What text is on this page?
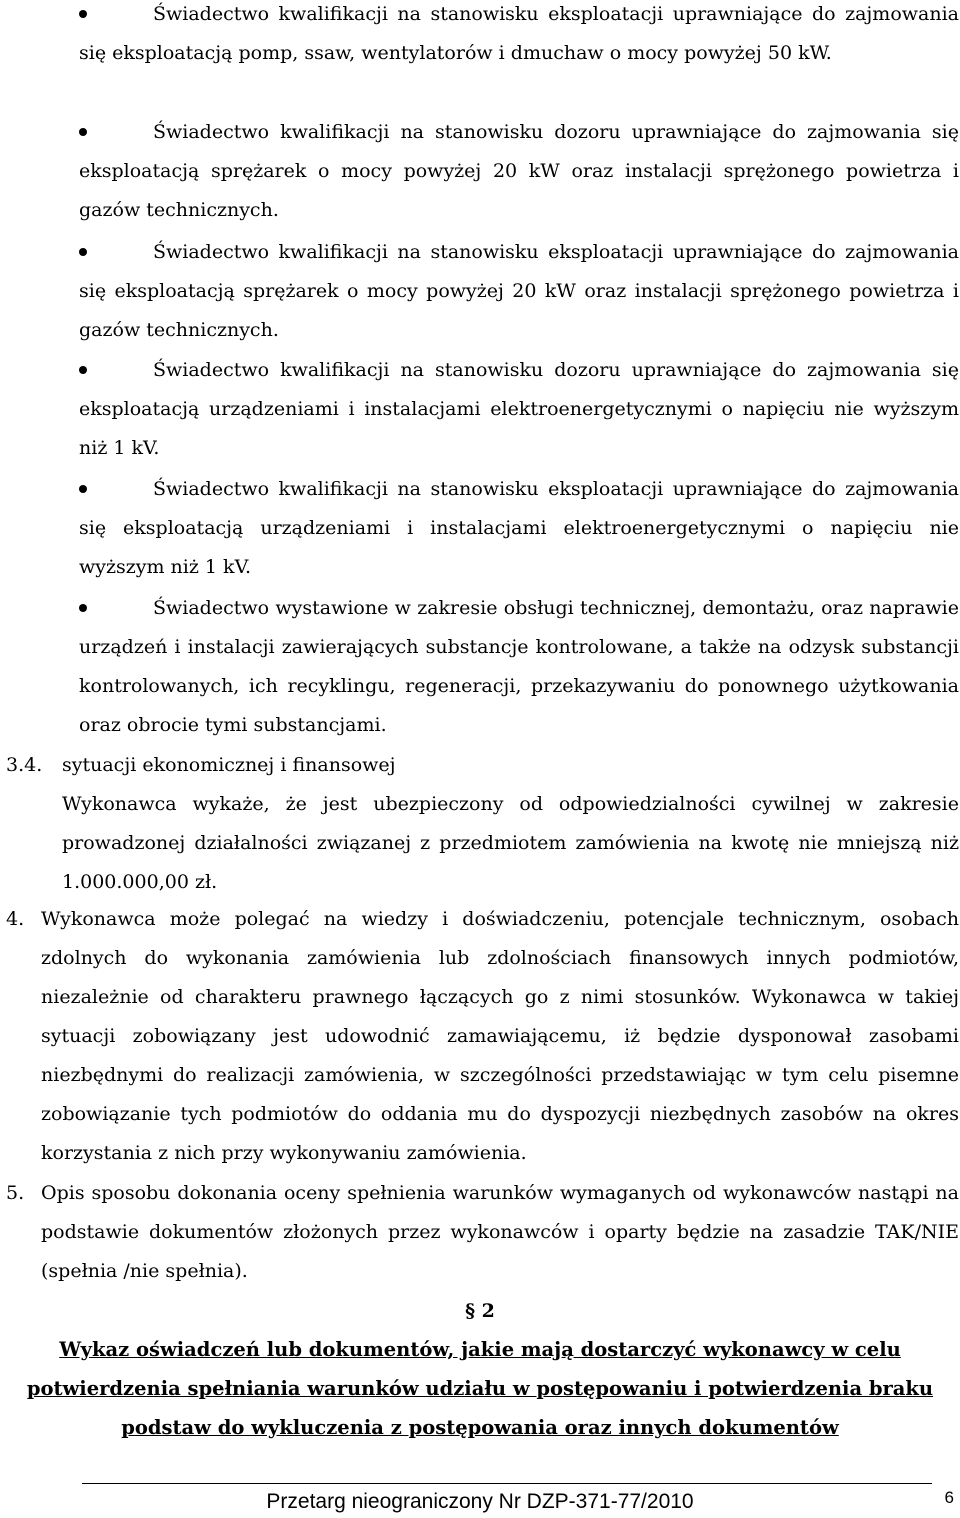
Świadectwo kwalifikacji na stanowisku eksploatacji uprawniające do zajmowania się eksploatacją pomp, ssaw, wentylatorów i dmuchaw o mocy powyżej 50 kW.
Świadectwo kwalifikacji na stanowisku dozoru uprawniające do zajmowania się eksploatacją sprężarek o mocy powyżej 20 kW oraz instalacji sprężonego powietrza i gazów technicznych.
Świadectwo kwalifikacji na stanowisku eksploatacji uprawniające do zajmowania się eksploatacją sprężarek o mocy powyżej 20 kW oraz instalacji sprężonego powietrza i gazów technicznych.
Świadectwo kwalifikacji na stanowisku dozoru uprawniające do zajmowania się eksploatacją urządzeniami i instalacjami elektroenergetycznymi o napięciu nie wyższym niż 1 kV.
Świadectwo kwalifikacji na stanowisku eksploatacji uprawniające do zajmowania się eksploatacją urządzeniami i instalacjami elektroenergetycznymi o napięciu nie wyższym niż 1 kV.
Świadectwo wystawione w zakresie obsługi technicznej, demontażu, oraz naprawie urządzeń i instalacji zawierających substancje kontrolowane, a także na odzysk substancji kontrolowanych, ich recyklingu, regeneracji, przekazywaniu do ponownego użytkowania oraz obrocie tymi substancjami.
3.4. sytuacji ekonomicznej i finansowej
Wykonawca wykaże, że jest ubezpieczony od odpowiedzialności cywilnej w zakresie prowadzonej działalności związanej z przedmiotem zamówienia na kwotę nie mniejszą niż 1.000.000,00 zł.
4. Wykonawca może polegać na wiedzy i doświadczeniu, potencjale technicznym, osobach zdolnych do wykonania zamówienia lub zdolnościach finansowych innych podmiotów, niezależnie od charakteru prawnego łączących go z nimi stosunków. Wykonawca w takiej sytuacji zobowiązany jest udowodnić zamawiającemu, iż będzie dysponował zasobami niezbędnymi do realizacji zamówienia, w szczególności przedstawiając w tym celu pisemne zobowiązanie tych podmiotów do oddania mu do dyspozycji niezbędnych zasobów na okres korzystania z nich przy wykonywaniu zamówienia.
5. Opis sposobu dokonania oceny spełnienia warunków wymaganych od wykonawców nastąpi na podstawie dokumentów złożonych przez wykonawców i oparty będzie na zasadzie TAK/NIE (spełnia /nie spełnia).
§ 2
Wykaz oświadczeń lub dokumentów, jakie mają dostarczyć wykonawcy w celu potwierdzenia spełniania warunków udziału w postępowaniu i potwierdzenia braku podstaw do wykluczenia z postępowania oraz innych dokumentów
Przetarg nieograniczony Nr DZP-371-77/2010	6
